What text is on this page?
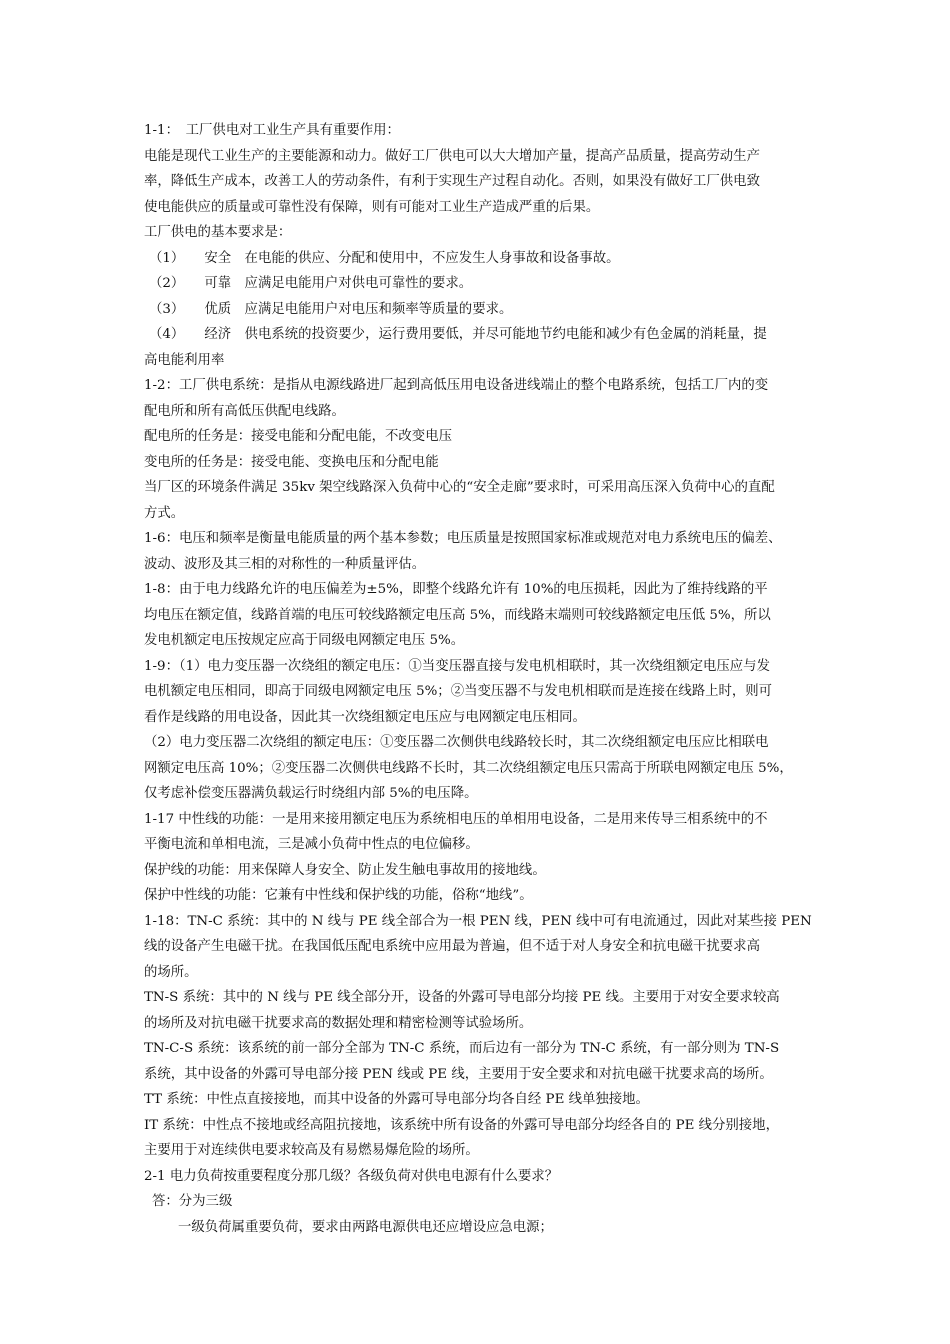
1-1：　工厂供电对工业生产具有重要作用：
电能是现代工业生产的主要能源和动力。做好工厂供电可以大大增加产量，提高产品质量，提高劳动生产
率，降低生产成本，改善工人的劳动条件，有利于实现生产过程自动化。否则，如果没有做好工厂供电致
使电能供应的质量或可靠性没有保障，则有可能对工业生产造成严重的后果。
工厂供电的基本要求是：
（1）　　安全　在电能的供应、分配和使用中，不应发生人身事故和设备事故。
（2）　　可靠　应满足电能用户对供电可靠性的要求。
（3）　　优质　应满足电能用户对电压和频率等质量的要求。
（4）　　经济　供电系统的投资要少，运行费用要低，并尽可能地节约电能和减少有色金属的消耗量，提
高电能利用率
1-2：工厂供电系统：是指从电源线路进厂起到高低压用电设备进线端止的整个电路系统，包括工厂内的变
配电所和所有高低压供配电线路。
配电所的任务是：接受电能和分配电能，不改变电压
变电所的任务是：接受电能、变换电压和分配电能
当厂区的环境条件满足 35kv 架空线路深入负荷中心的“安全走廊”要求时，可采用高压深入负荷中心的直配
方式。
1-6：电压和频率是衡量电能质量的两个基本参数；电压质量是按照国家标准或规范对电力系统电压的偏差、
波动、波形及其三相的对称性的一种质量评估。
1-8：由于电力线路允许的电压偏差为±5%，即整个线路允许有 10%的电压损耗，因此为了维持线路的平
均电压在额定值，线路首端的电压可较线路额定电压高 5%，而线路末端则可较线路额定电压低 5%，所以
发电机额定电压按规定应高于同级电网额定电压 5%。
1-9：（1）电力变压器一次绕组的额定电压：①当变压器直接与发电机相联时，其一次绕组额定电压应与发
电机额定电压相同，即高于同级电网额定电压 5%；②当变压器不与发电机相联而是连接在线路上时，则可
看作是线路的用电设备，因此其一次绕组额定电压应与电网额定电压相同。
（2）电力变压器二次绕组的额定电压：①变压器二次侧供电线路较长时，其二次绕组额定电压应比相联电
网额定电压高 10%；②变压器二次侧供电线路不长时，其二次绕组额定电压只需高于所联电网额定电压 5%，
仅考虑补偿变压器满负载运行时绕组内部 5%的电压降。
1-17 中性线的功能：一是用来接用额定电压为系统相电压的单相用电设备，二是用来传导三相系统中的不
平衡电流和单相电流，三是减小负荷中性点的电位偏移。
保护线的功能：用来保障人身安全、防止发生触电事故用的接地线。
保护中性线的功能：它兼有中性线和保护线的功能，俗称“地线”。
1-18：TN-C 系统：其中的 N 线与 PE 线全部合为一根 PEN 线，PEN 线中可有电流通过，因此对某些接 PEN
线的设备产生电磁干扰。在我国低压配电系统中应用最为普遍，但不适于对人身安全和抗电磁干扰要求高
的场所。
TN-S 系统：其中的 N 线与 PE 线全部分开，设备的外露可导电部分均接 PE 线。主要用于对安全要求较高
的场所及对抗电磁干扰要求高的数据处理和精密检测等试验场所。
TN-C-S 系统：该系统的前一部分全部为 TN-C 系统，而后边有一部分为 TN-C 系统，有一部分则为 TN-S
系统，其中设备的外露可导电部分接 PEN 线或 PE 线，主要用于安全要求和对抗电磁干扰要求高的场所。
TT 系统：中性点直接接地，而其中设备的外露可导电部分均各自经 PE 线单独接地。
IT 系统：中性点不接地或经高阻抗接地，该系统中所有设备的外露可导电部分均经各自的 PE 线分别接地，
主要用于对连续供电要求较高及有易燃易爆危险的场所。
2-1 电力负荷按重要程度分那几级？各级负荷对供电电源有什么要求？
答：分为三级
一级负荷属重要负荷，要求由两路电源供电还应增设应急电源；
